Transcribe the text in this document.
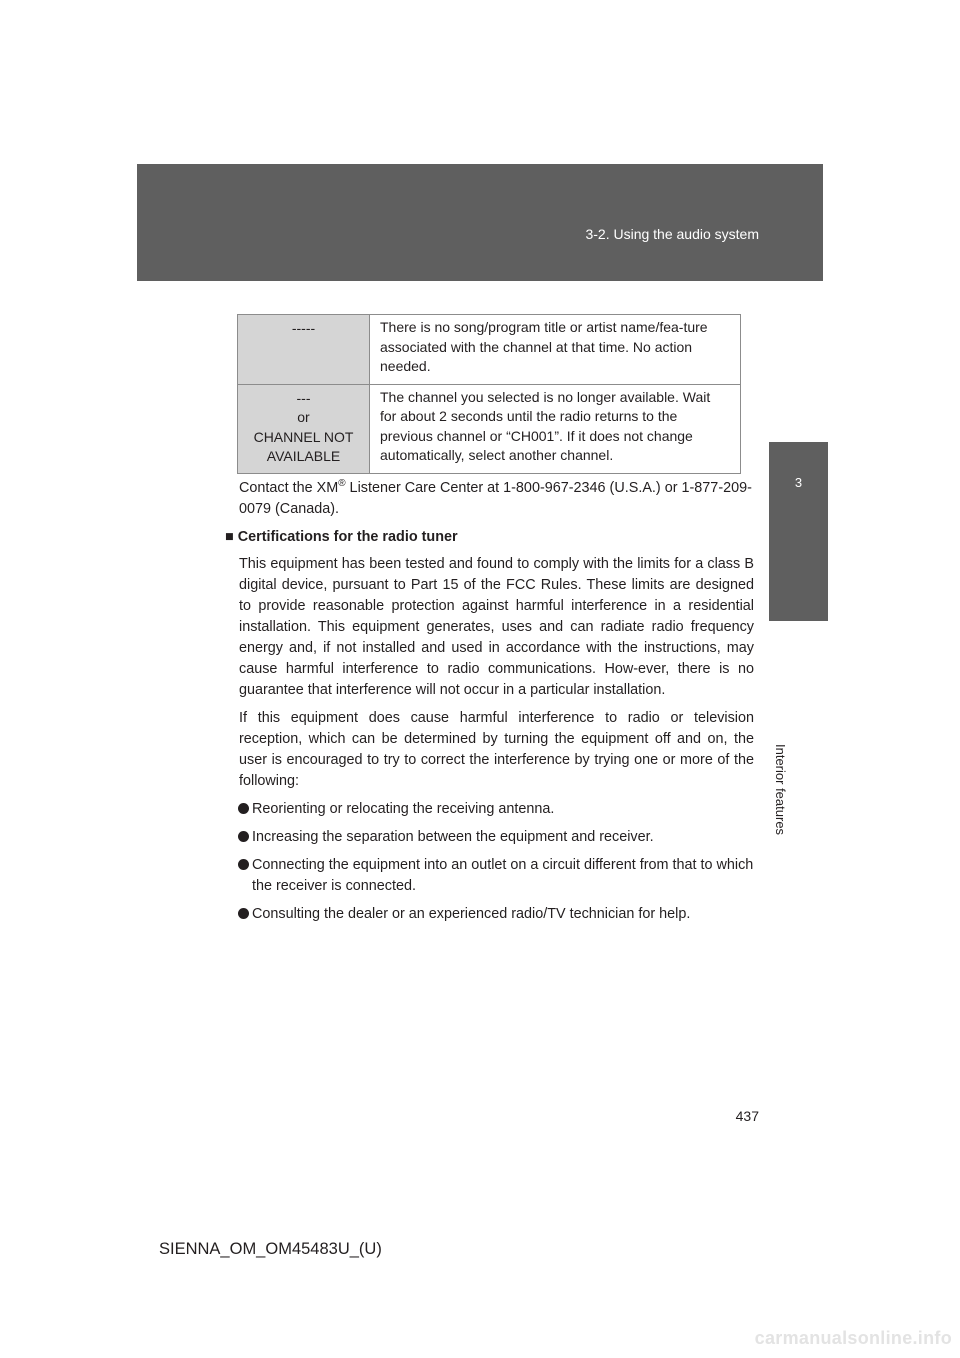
3-2. Using the audio system
3
Interior features
-----	There is no song/program title or artist name/fea-ture associated with the channel at that time. No action needed.

---
or
CHANNEL NOT
AVAILABLE	The channel you selected is no longer available. Wait for about 2 seconds until the radio returns to the previous channel or “CH001”. If it does not change automatically, select another channel.

Contact the XM® Listener Care Center at 1-800-967-2346 (U.S.A.) or 1-877-209-0079 (Canada).

■ Certifications for the radio tuner

This equipment has been tested and found to comply with the limits for a class B digital device, pursuant to Part 15 of the FCC Rules. These limits are designed to provide reasonable protection against harmful interference in a residential installation. This equipment generates, uses and can radiate radio frequency energy and, if not installed and used in accordance with the instructions, may cause harmful interference to radio communications. How-ever, there is no guarantee that interference will not occur in a particular installation.

If this equipment does cause harmful interference to radio or television reception, which can be determined by turning the equipment off and on, the user is encouraged to try to correct the interference by trying one or more of the following:

Reorienting or relocating the receiving antenna.

Increasing the separation between the equipment and receiver.

Connecting the equipment into an outlet on a circuit different from that to which the receiver is connected.

Consulting the dealer or an experienced radio/TV technician for help.

437
SIENNA_OM_OM45483U_(U)
carmanualsonline.info
